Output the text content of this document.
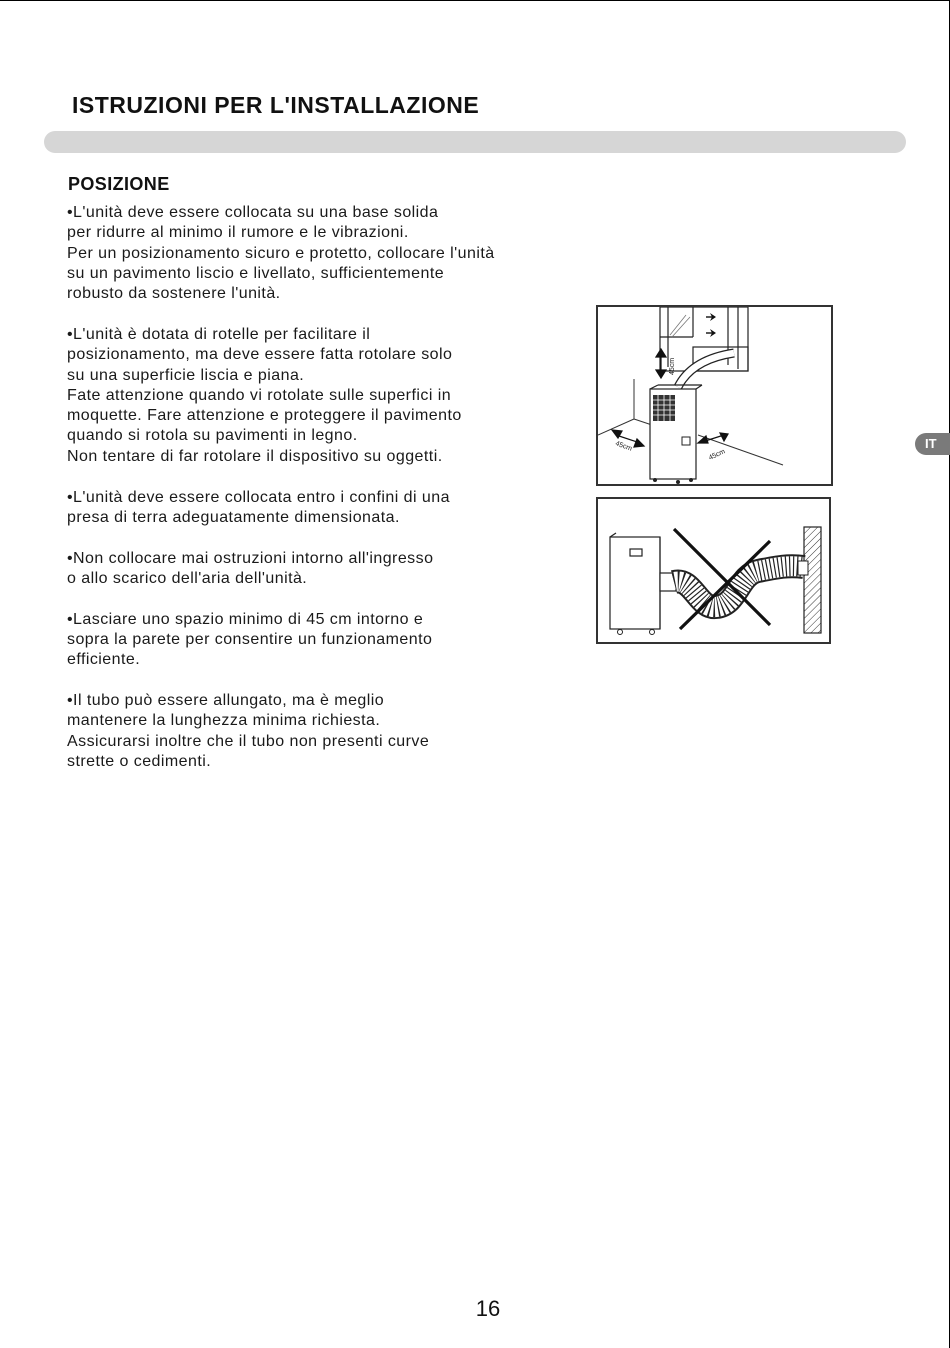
ISTRUZIONI PER L'INSTALLAZIONE
POSIZIONE

•L'unità deve essere collocata su una base solida
per ridurre al minimo il rumore e le vibrazioni.
Per un posizionamento sicuro e protetto, collocare l'unità
su un pavimento liscio e livellato, sufficientemente
robusto da sostenere l'unità.

•L'unità è dotata di rotelle per facilitare il
posizionamento, ma deve essere fatta rotolare solo
su una superficie liscia e piana.
Fate attenzione quando vi rotolate sulle superfici in
moquette. Fare attenzione e proteggere il pavimento
quando si rotola su pavimenti in legno.
Non tentare di far rotolare il dispositivo su oggetti.

•L'unità deve essere collocata entro i confini di una
presa di terra adeguatamente dimensionata.

•Non collocare mai ostruzioni intorno all'ingresso
o allo scarico dell'aria dell'unità.

•Lasciare uno spazio minimo di 45 cm intorno e
sopra la parete per consentire un funzionamento
efficiente.

•Il tubo può essere allungato, ma è meglio
mantenere la lunghezza minima richiesta.
Assicurarsi inoltre che il tubo non presenti curve
strette o cedimenti.

45cm
45cm
45cm
IT
16
